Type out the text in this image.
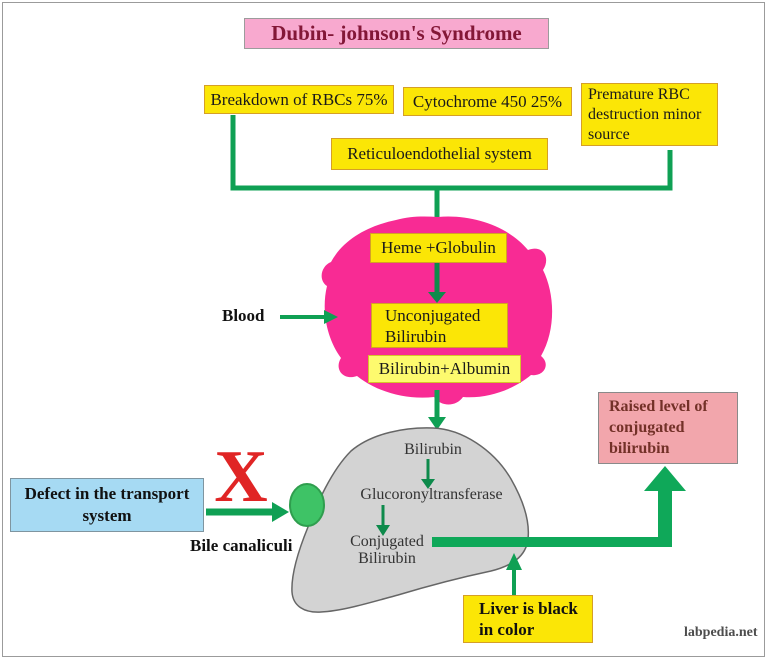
Dubin- johnson's Syndrome
Breakdown of RBCs 75%	Cytochrome 450 25%	Premature RBC destruction minor source
Reticuloendothelial system
Heme +Globulin
Unconjugated Bilirubin
Bilirubin+Albumin
Blood
Bilirubin
Glucoronyltransferase
Conjugated Bilirubin
Defect in the transport system	X
Bile canaliculi
Raised level of conjugated bilirubin
Liver is black in color	labpedia.net
